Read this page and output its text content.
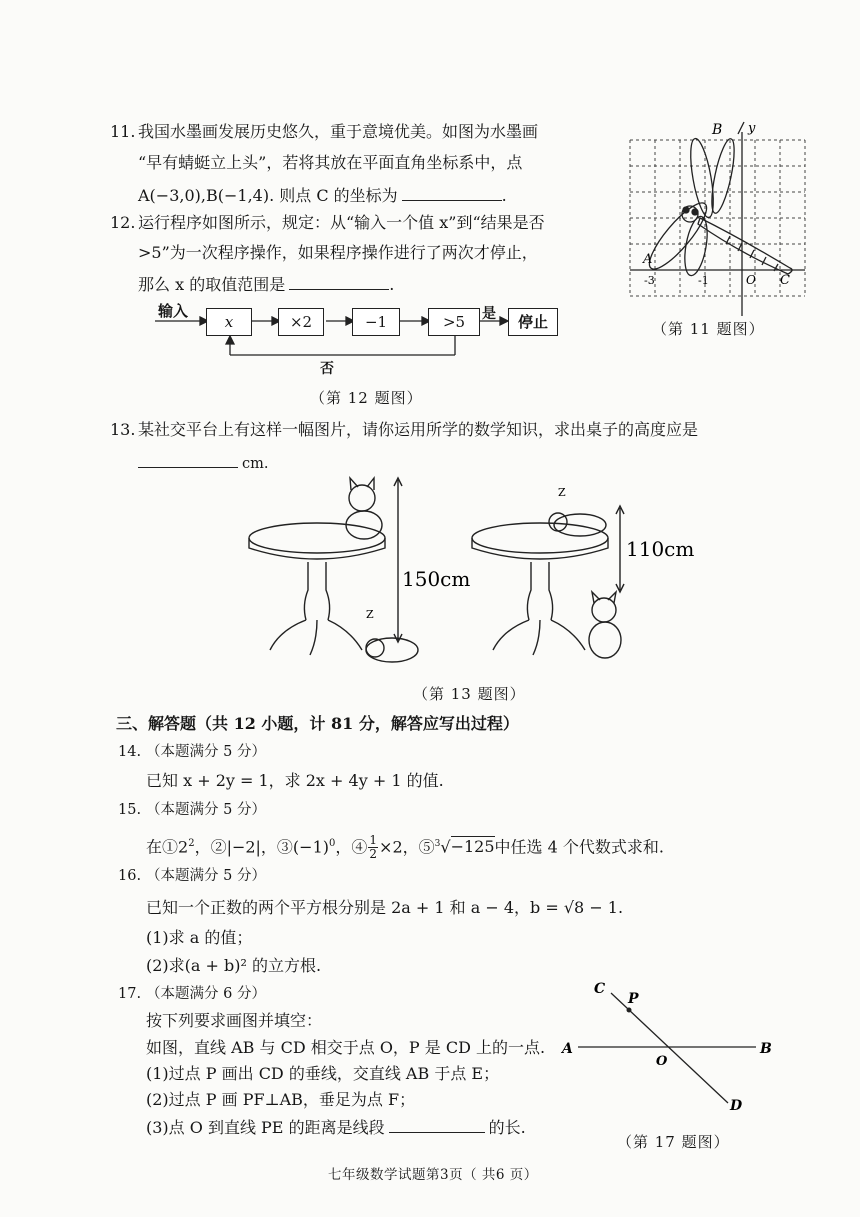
11. 我国水墨画发展历史悠久，重于意境优美。如图为水墨画
“早有蜻蜓立上头”，若将其放在平面直角坐标系中，点
A(−3,0),B(−1,4). 则点 C 的坐标为	.
B y
A
-3	-1	O C
（第 11 题图）
12. 运行程序如图所示，规定：从“输入一个值 x”到“结果是否
>5”为一次程序操作，如果程序操作进行了两次才停止，
那么 x 的取值范围是	.
输入
x	×2	−1	>5	是	停止
否
（第 12 题图）
13. 某社交平台上有这样一幅图片，请你运用所学的数学知识，求出桌子的高度应是
cm.
150cm
110cm
Z
Z
（第 13 题图）
三、解答题（共 12 小题，计 81 分，解答应写出过程）
14. （本题满分 5 分）
已知 x + 2y = 1，求 2x + 4y + 1 的值.
15. （本题满分 5 分）
在$①2^2$，②|−2|，$③(-1)^0$，④ $\frac{1}{2} \times 2$，⑤$^3$√−125中任选 4 个代数式求和.
16. （本题满分 5 分）
已知一个正数的两个平方根分别是 2a + 1 和 a − 4，b = √8 − 1.
(1)求 a 的值；
(2)求(a + b)² 的立方根.
17. （本题满分 6 分）
按下列要求画图并填空：
如图，直线 AB 与 CD 相交于点 O，P 是 CD 上的一点.
(1)过点 P 画出 CD 的垂线，交直线 AB 于点 E；
(2)过点 P 画 PF⊥AB，垂足为点 F；
(3)点 O 到直线 PE 的距离是线段	的长.
C
P
A
O
B
D
（第 17 题图）
七年级数学试题第3页（ 共6 页）
